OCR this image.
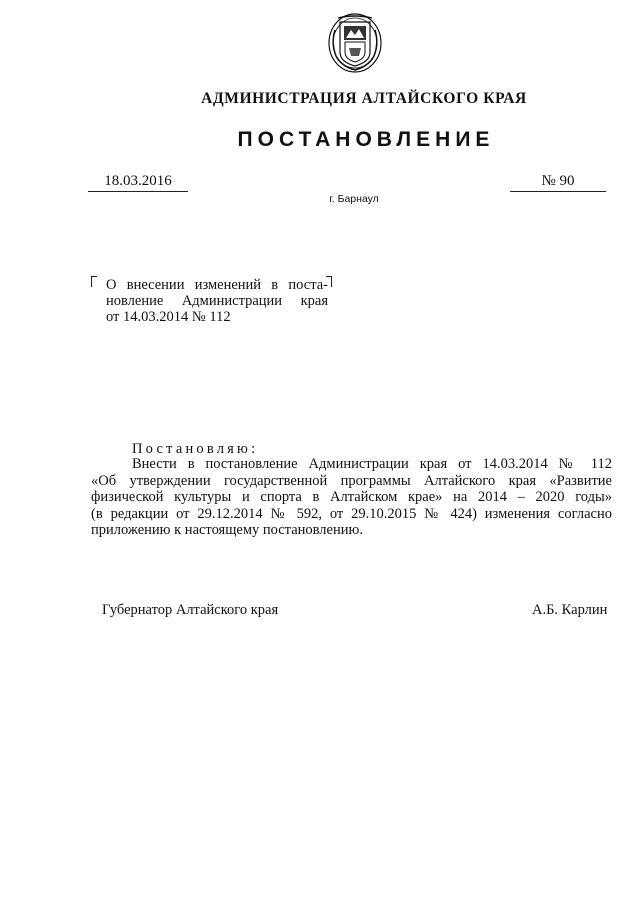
АДМИНИСТРАЦИЯ АЛТАЙСКОГО КРАЯ
ПОСТАНОВЛЕНИЕ
18.03.2016	№ 90
г. Барнаул
О внесении изменений в поста-
новление Администрации края
от 14.03.2014 № 112
Постановляю:
Внести в постановление Администрации края от 14.03.2014 № 112
«Об утверждении государственной программы Алтайского края «Развитие
физической культуры и спорта в Алтайском крае» на 2014 – 2020 годы»
(в редакции от 29.12.2014 № 592, от 29.10.2015 № 424) изменения согласно
приложению к настоящему постановлению.
Губернатор Алтайского края	А.Б. Карлин
